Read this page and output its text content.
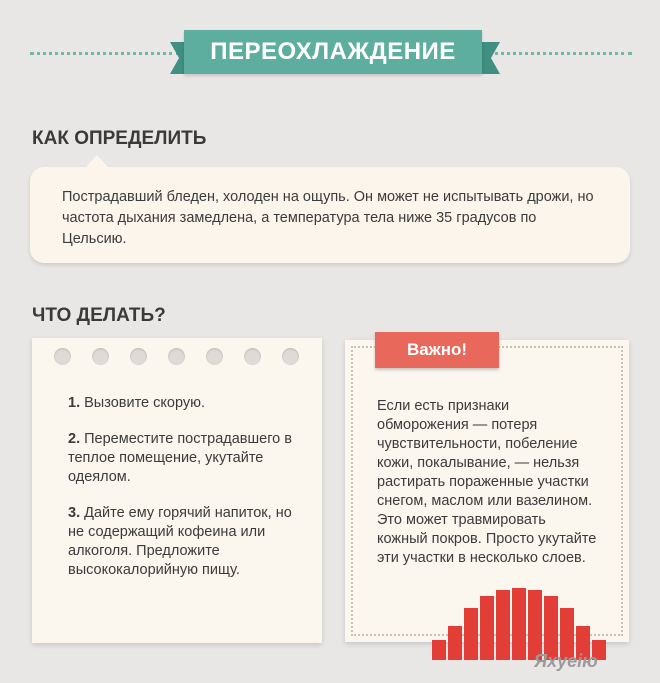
ПЕРЕОХЛАЖДЕНИЕ
КАК ОПРЕДЕЛИТЬ
Пострадавший бледен, холоден на ощупь. Он может не испытывать дрожи, но частота дыхания замедлена, а температура тела ниже 35 градусов по Цельсию.
ЧТО ДЕЛАТЬ?
1. Вызовите скорую.
2. Переместите пострадавшего в теплое помещение, укутайте одеялом.
3. Дайте ему горячий напиток, но не содержащий кофеина или алкоголя. Предложите высококалорийную пищу.
Важно!
Если есть признаки обморожения — потеря чувствительности, побеление кожи, покалывание, — нельзя растирать пораженные участки снегом, маслом или вазелином. Это может травмировать кожный покров. Просто укутайте эти участки в несколько слоев.
Яхуеiю
